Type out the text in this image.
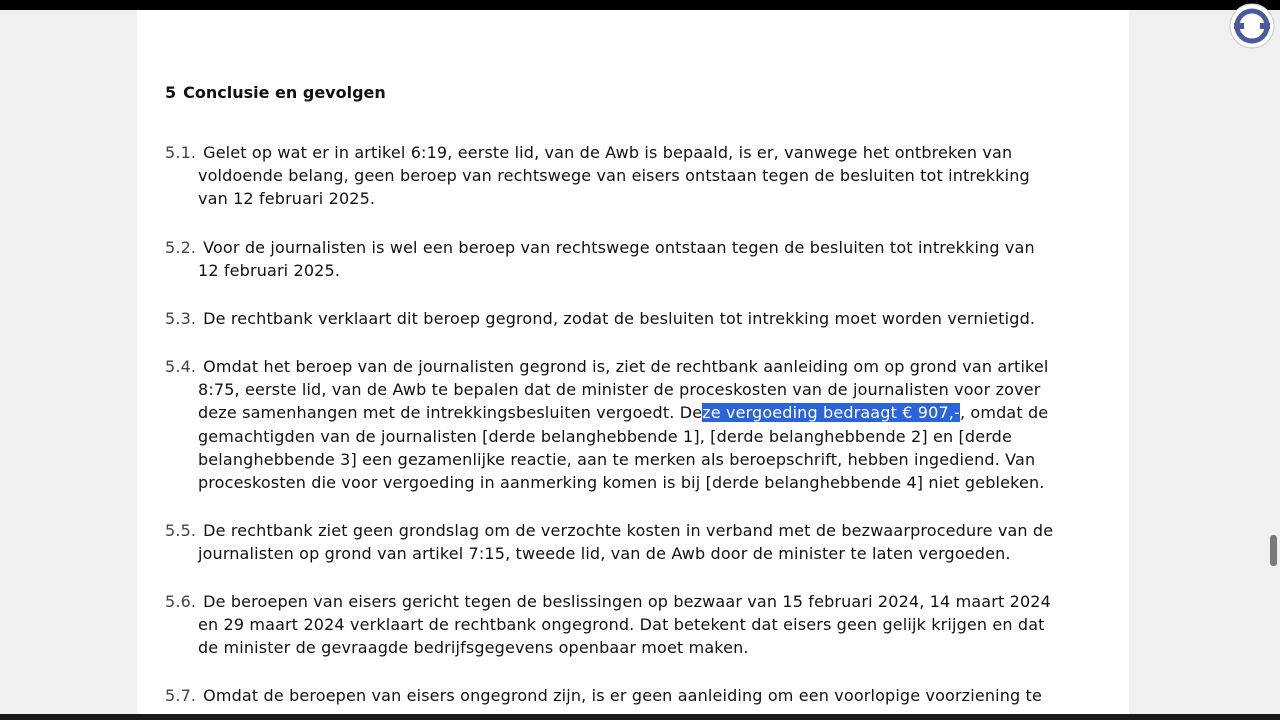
5 Conclusie en gevolgen

5.1. Gelet op wat er in artikel 6:19, eerste lid, van de Awb is bepaald, is er, vanwege het ontbreken van
voldoende belang, geen beroep van rechtswege van eisers ontstaan tegen de besluiten tot intrekking
van 12 februari 2025.

5.2. Voor de journalisten is wel een beroep van rechtswege ontstaan tegen de besluiten tot intrekking van
12 februari 2025.

5.3. De rechtbank verklaart dit beroep gegrond, zodat de besluiten tot intrekking moet worden vernietigd.

5.4. Omdat het beroep van de journalisten gegrond is, ziet de rechtbank aanleiding om op grond van artikel
8:75, eerste lid, van de Awb te bepalen dat de minister de proceskosten van de journalisten voor zover
deze samenhangen met de intrekkingsbesluiten vergoedt. Deze vergoeding bedraagt € 907,-, omdat de
gemachtigden van de journalisten [derde belanghebbende 1], [derde belanghebbende 2] en [derde
belanghebbende 3] een gezamenlijke reactie, aan te merken als beroepschrift, hebben ingediend. Van
proceskosten die voor vergoeding in aanmerking komen is bij [derde belanghebbende 4] niet gebleken.

5.5. De rechtbank ziet geen grondslag om de verzochte kosten in verband met de bezwaarprocedure van de
journalisten op grond van artikel 7:15, tweede lid, van de Awb door de minister te laten vergoeden.

5.6. De beroepen van eisers gericht tegen de beslissingen op bezwaar van 15 februari 2024, 14 maart 2024
en 29 maart 2024 verklaart de rechtbank ongegrond. Dat betekent dat eisers geen gelijk krijgen en dat
de minister de gevraagde bedrijfsgegevens openbaar moet maken.

5.7. Omdat de beroepen van eisers ongegrond zijn, is er geen aanleiding om een voorlopige voorziening te
